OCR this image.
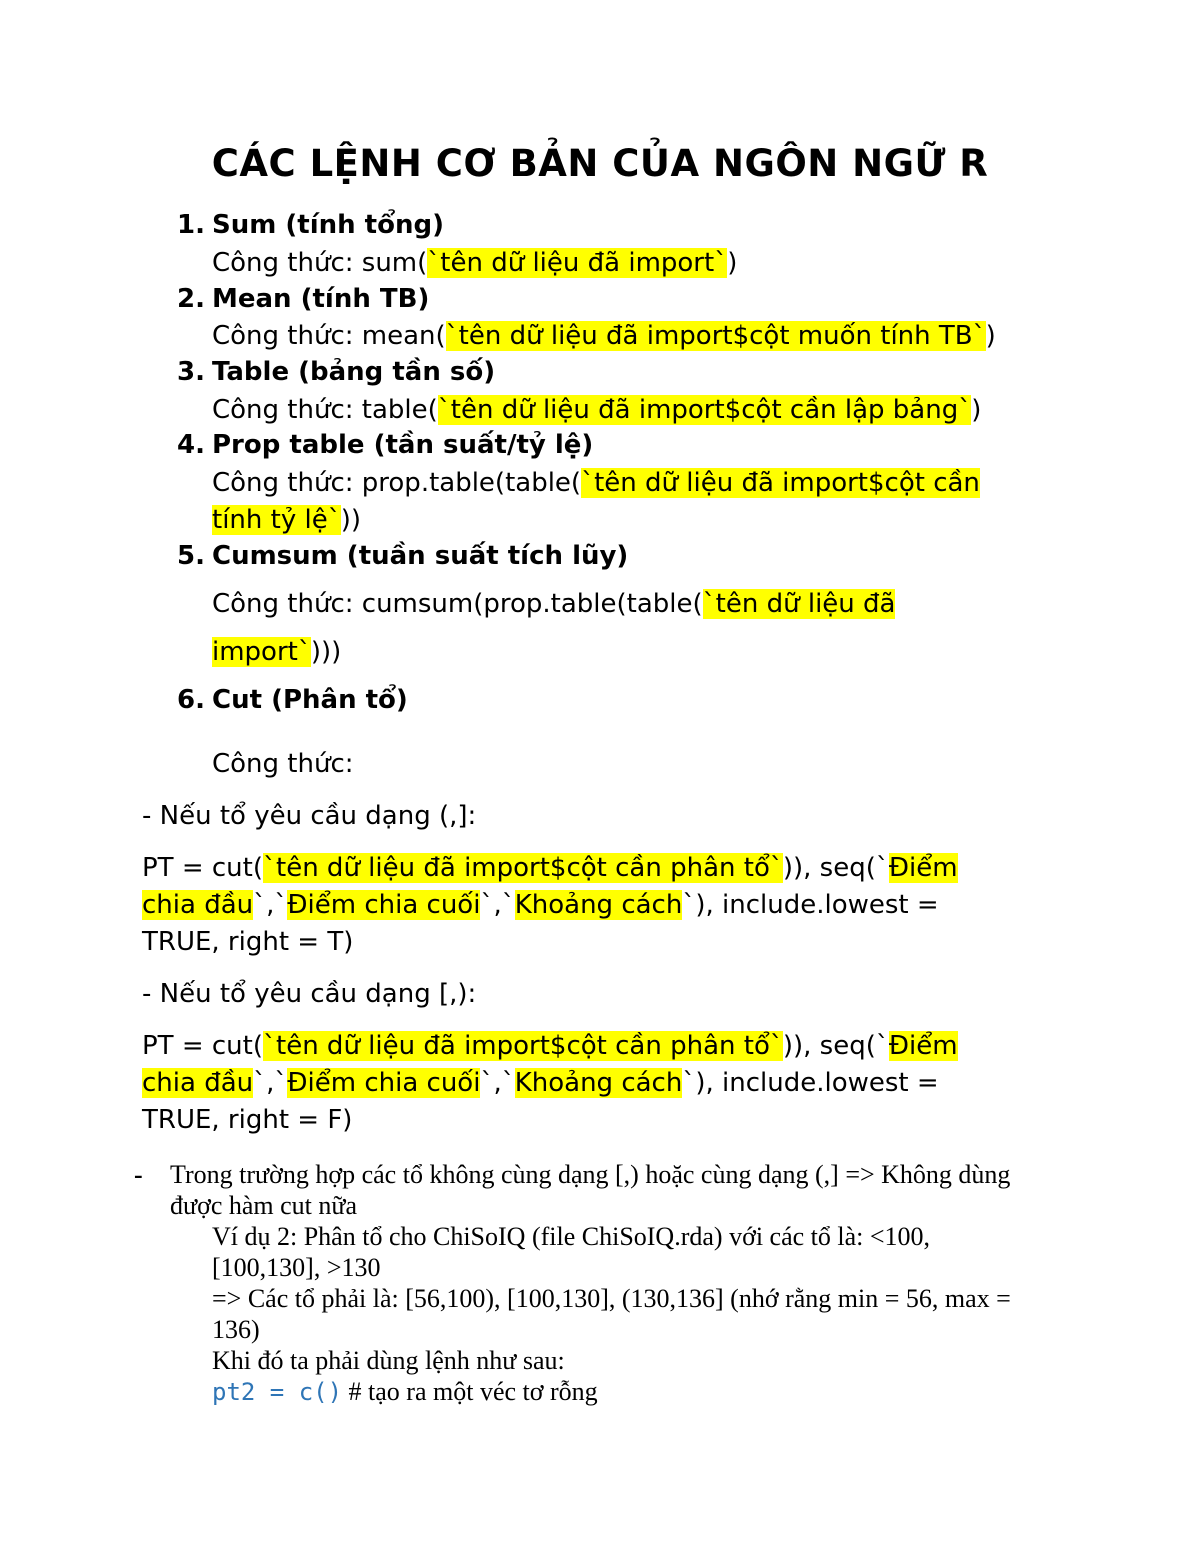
CÁC LỆNH CƠ BẢN CỦA NGÔN NGỮ R
1. Sum (tính tổng)
Công thức: sum(`tên dữ liệu đã import`)
2. Mean (tính TB)
Công thức: mean(`tên dữ liệu đã import$cột muốn tính TB`)
3. Table (bảng tần số)
Công thức: table(`tên dữ liệu đã import$cột cần lập bảng`)
4. Prop table (tần suất/tỷ lệ)
Công thức: prop.table(table(`tên dữ liệu đã import$cột cần
tính tỷ lệ`))
5. Cumsum (tuần suất tích lũy)
Công thức: cumsum(prop.table(table(`tên dữ liệu đã
import`)))
6. Cut (Phân tổ)
Công thức:
- Nếu tổ yêu cầu dạng (,]:
PT = cut(`tên dữ liệu đã import$cột cần phân tổ`)), seq(`Điểm
chia đầu`,`Điểm chia cuối`,`Khoảng cách`), include.lowest =
TRUE, right = T)
- Nếu tổ yêu cầu dạng [,):
PT = cut(`tên dữ liệu đã import$cột cần phân tổ`)), seq(`Điểm
chia đầu`,`Điểm chia cuối`,`Khoảng cách`), include.lowest =
TRUE, right = F)
- Trong trường hợp các tổ không cùng dạng [,) hoặc cùng dạng (,] => Không dùng
được hàm cut nữa
Ví dụ 2: Phân tổ cho ChiSoIQ (file ChiSoIQ.rda) với các tổ là: <100,
[100,130], >130
=> Các tổ phải là: [56,100), [100,130], (130,136] (nhớ rằng min = 56, max =
136)
Khi đó ta phải dùng lệnh như sau:
pt2 = c() # tạo ra một véc tơ rỗng
